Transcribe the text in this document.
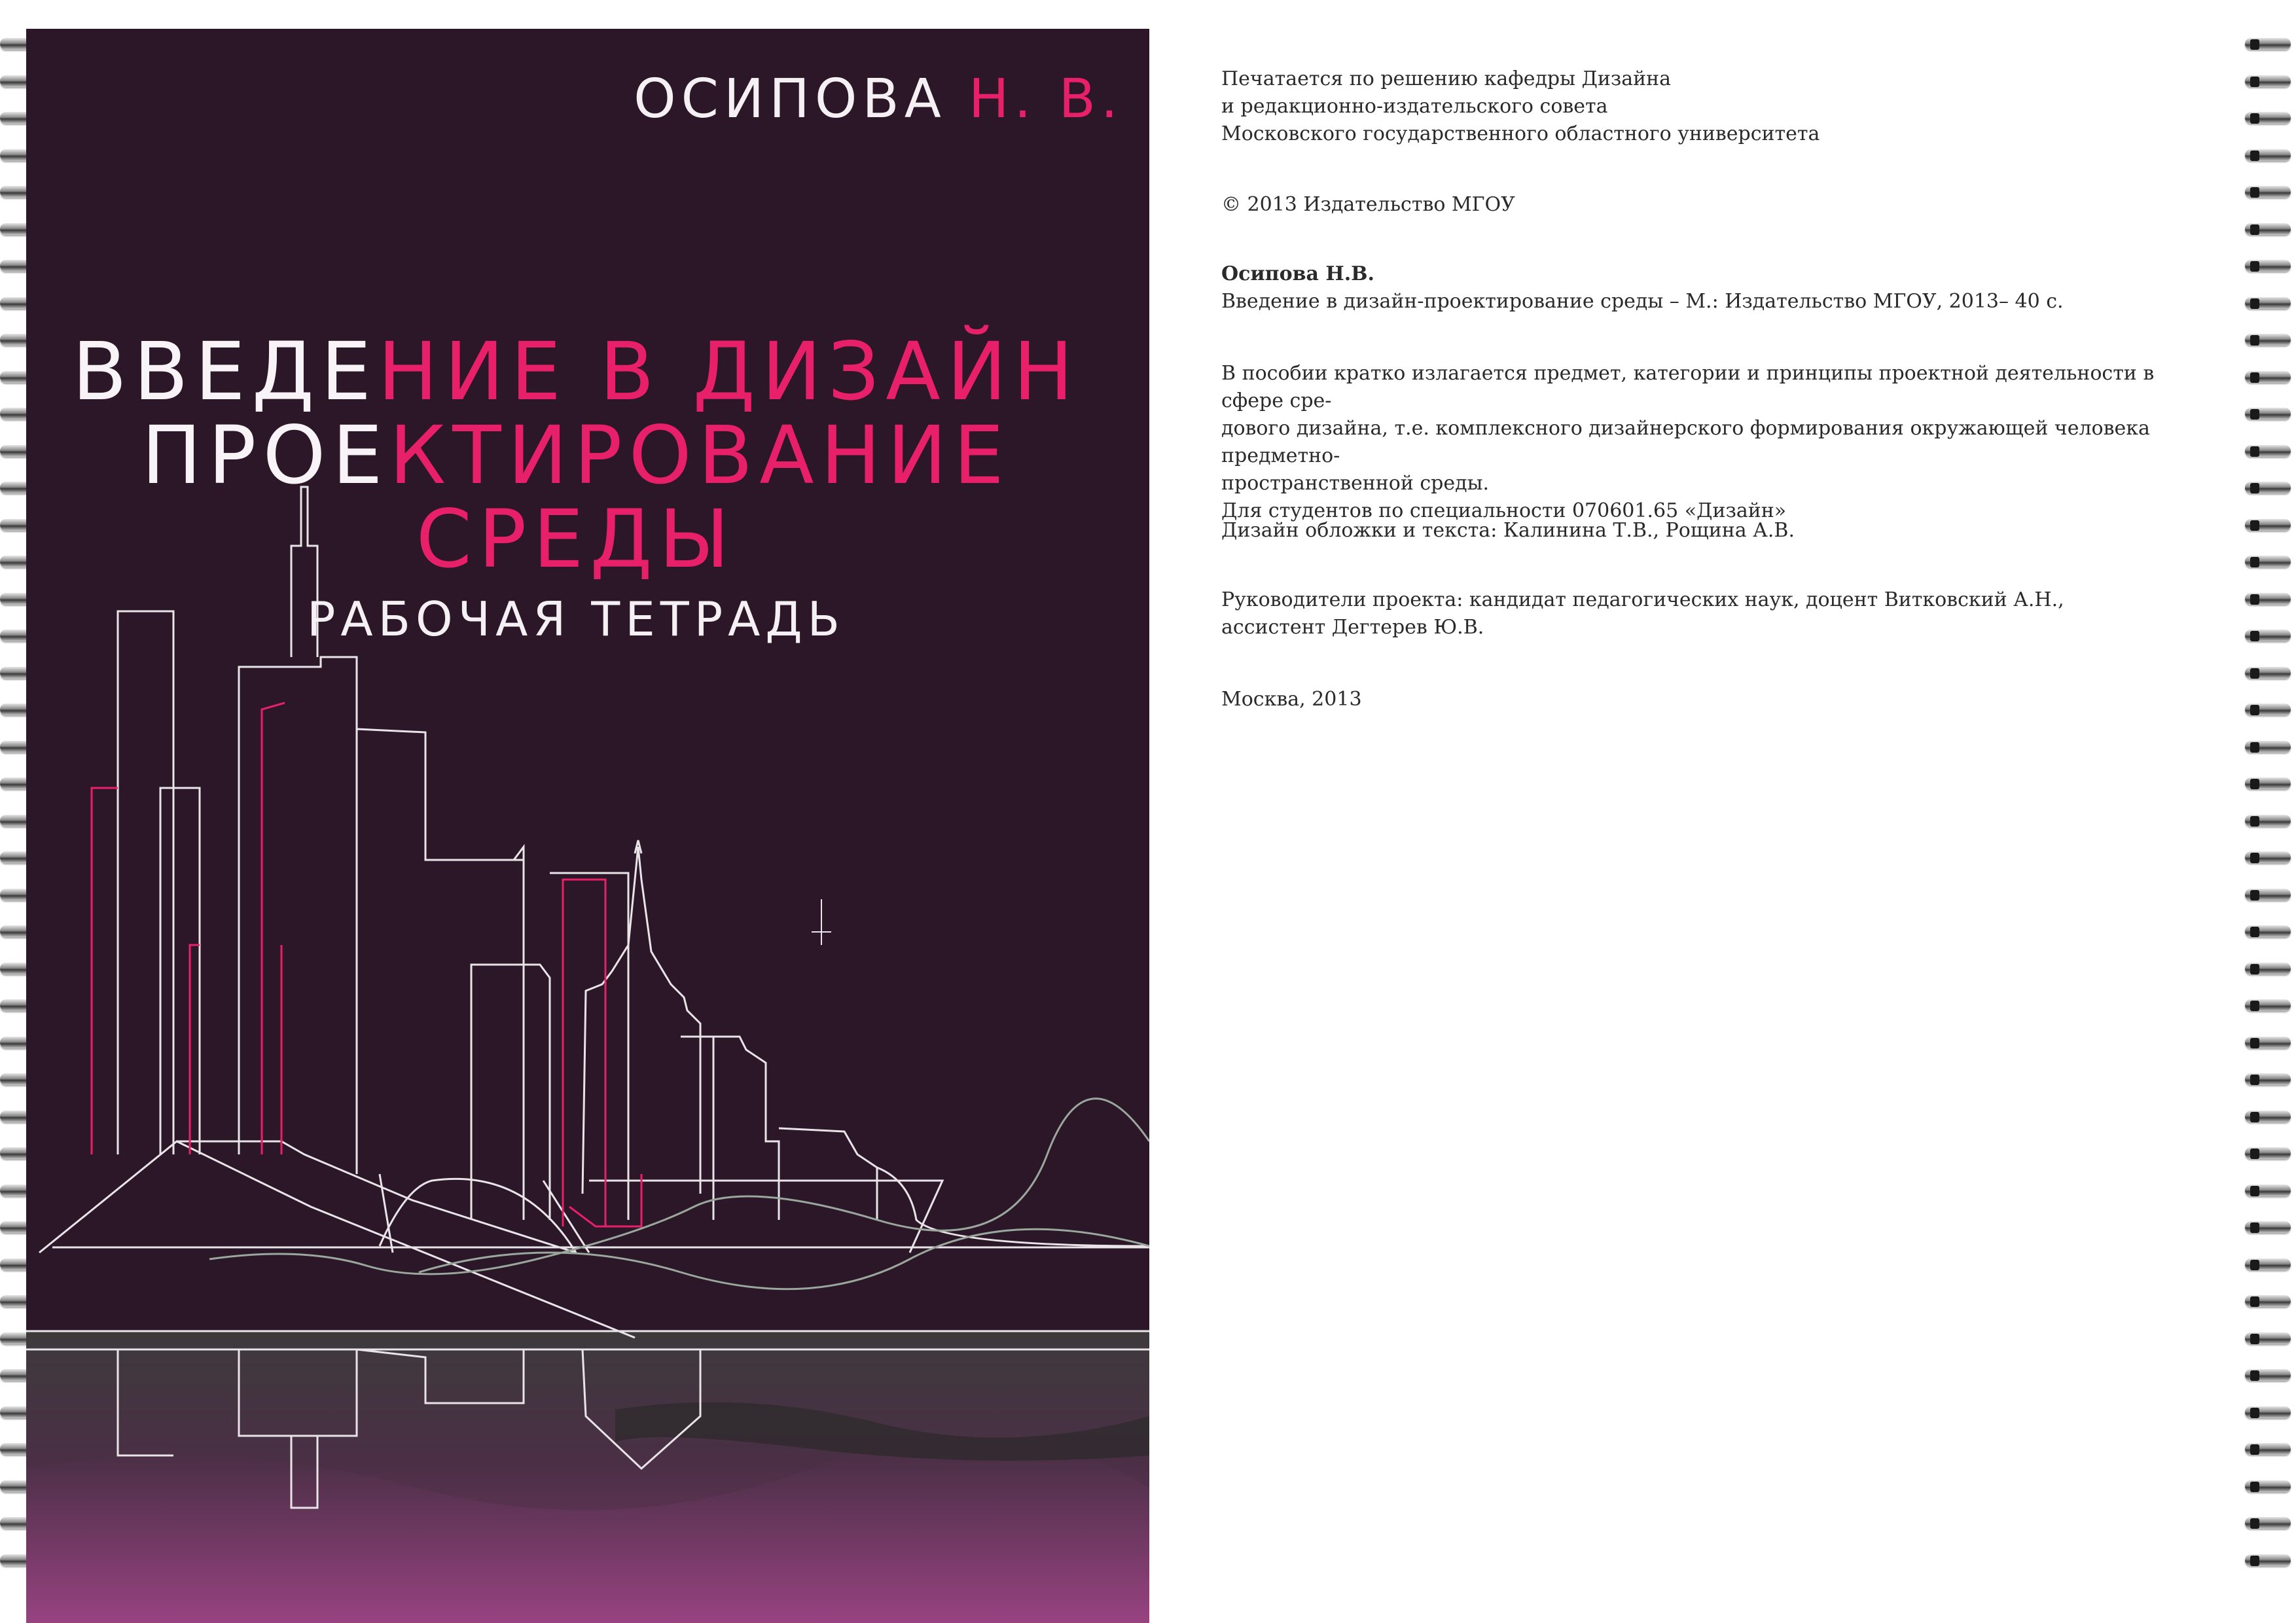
ОСИПОВА Н. В.
ВВЕДЕНИЕ В ДИЗАЙН
ПРОЕКТИРОВАНИЕ
СРЕДЫ
РАБОЧАЯ ТЕТРАДЬ

Печатается по решению кафедры Дизайна

и редакционно-издательского совета

Московского государственного областного университета

© 2013 Издательство МГОУ

Осипова Н.В.

Введение в дизайн-проектирование среды – М.: Издательство МГОУ, 2013– 40 с.

В пособии кратко излагается предмет, категории и принципы проектной деятельности в сфере сре-

дового дизайна, т.е. комплексного дизайнерского формирования окружающей человека предметно-

пространственной среды.

Для студентов по специальности 070601.65 «Дизайн»

Дизайн обложки и текста: Калинина Т.В., Рощина А.В.

Руководители проекта: кандидат педагогических наук, доцент Витковский А.Н.,

ассистент Дегтерев Ю.В.

Москва, 2013
